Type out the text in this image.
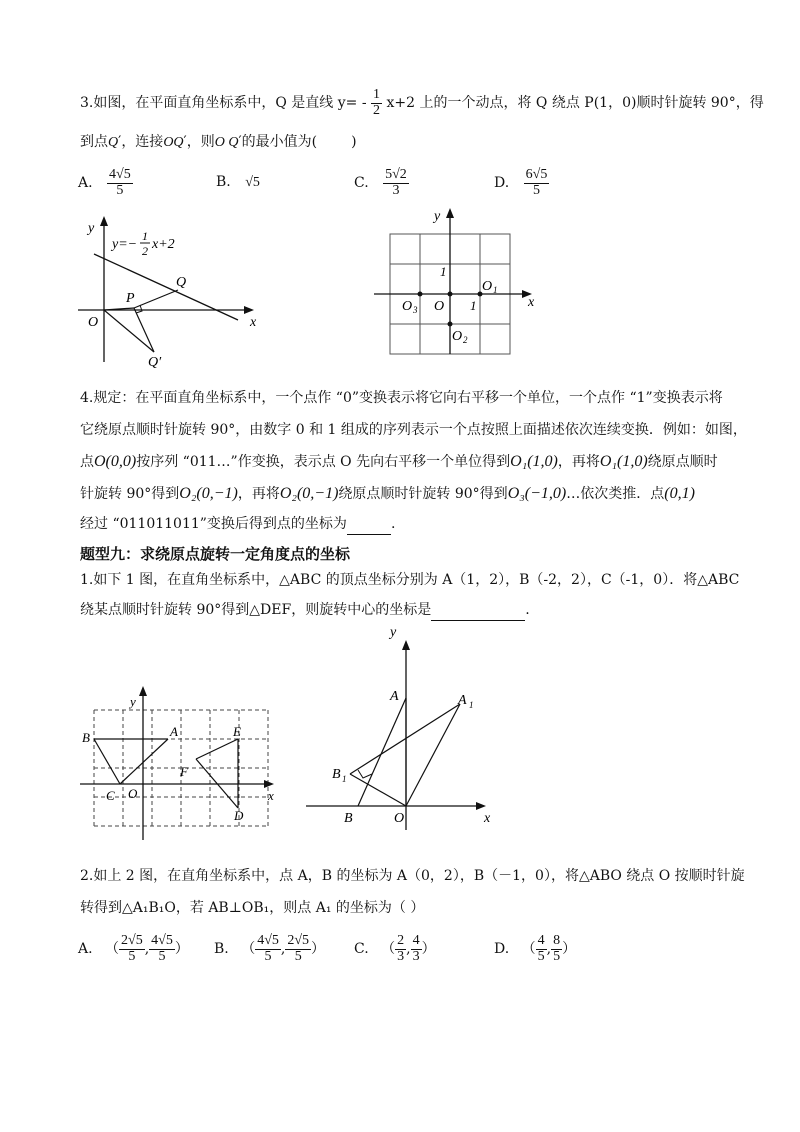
3.如图，在平面直角坐标系中，Q 是直线 $y= - \frac{1}{2} x+2$ 上的一个动点，将 Q 绕点 P(1，0)顺时针旋转 90°，得
到点Q′，连接OQ′，则O Q′的最小值为( )
A. $\frac{4√5}{5}$	B. √5	C. $\frac{5√2}{3}$	D. $\frac{6√5}{5}$
y
y=−
1
2 x+2
Q
P
O	x
Q′
y
x
1
1
O
O 1
O 2
O 3
4.规定：在平面直角坐标系中，一个点作 “0”变换表示将它向右平移一个单位，一个点作 “1”变换表示将
它绕原点顺时针旋转 90°，由数字 0 和 1 组成的序列表示一个点按照上面描述依次连续变换．例如：如图，
点O(0,0)按序列 “011…”作变换，表示点 O 先向右平移一个单位得到O₁(1,0)，再将O₁(1,0)绕原点顺时
针旋转 90°得到O₂(0,−1)，再将O₂(0,−1)绕原点顺时针旋转 90°得到O₃(−1,0)…依次类推．点(0,1)
经过 “011011011”变换后得到点的坐标为	.
题型九：求绕原点旋转一定角度点的坐标
1.如下 1 图，在直角坐标系中，△ABC 的顶点坐标分别为 A（1，2），B（-2，2），C（-1，0）．将△ABC
绕某点顺时针旋转 90°得到△DEF，则旋转中心的坐标是	.
y
x
A
B
C O
E
F
D
y
x
A	A 1
B 1
B	O
2.如上 2 图，在直角坐标系中，点 A，B 的坐标为 A（0，2），B（－1，0），将△ABO 绕点 O 按顺时针旋
转得到△A₁B₁O，若 AB⊥OB₁，则点 A₁ 的坐标为（ ）
A. （ $\frac{2√5}{5}$ , $\frac{4√5}{5}$ ） B. （ $\frac{4√5}{5}$ , $\frac{2√5}{5}$ ） C. （ $\frac{2}{3}$ , $\frac{4}{3}$ ）	D. （ $\frac{4}{5}$ , $\frac{8}{5}$ ）
